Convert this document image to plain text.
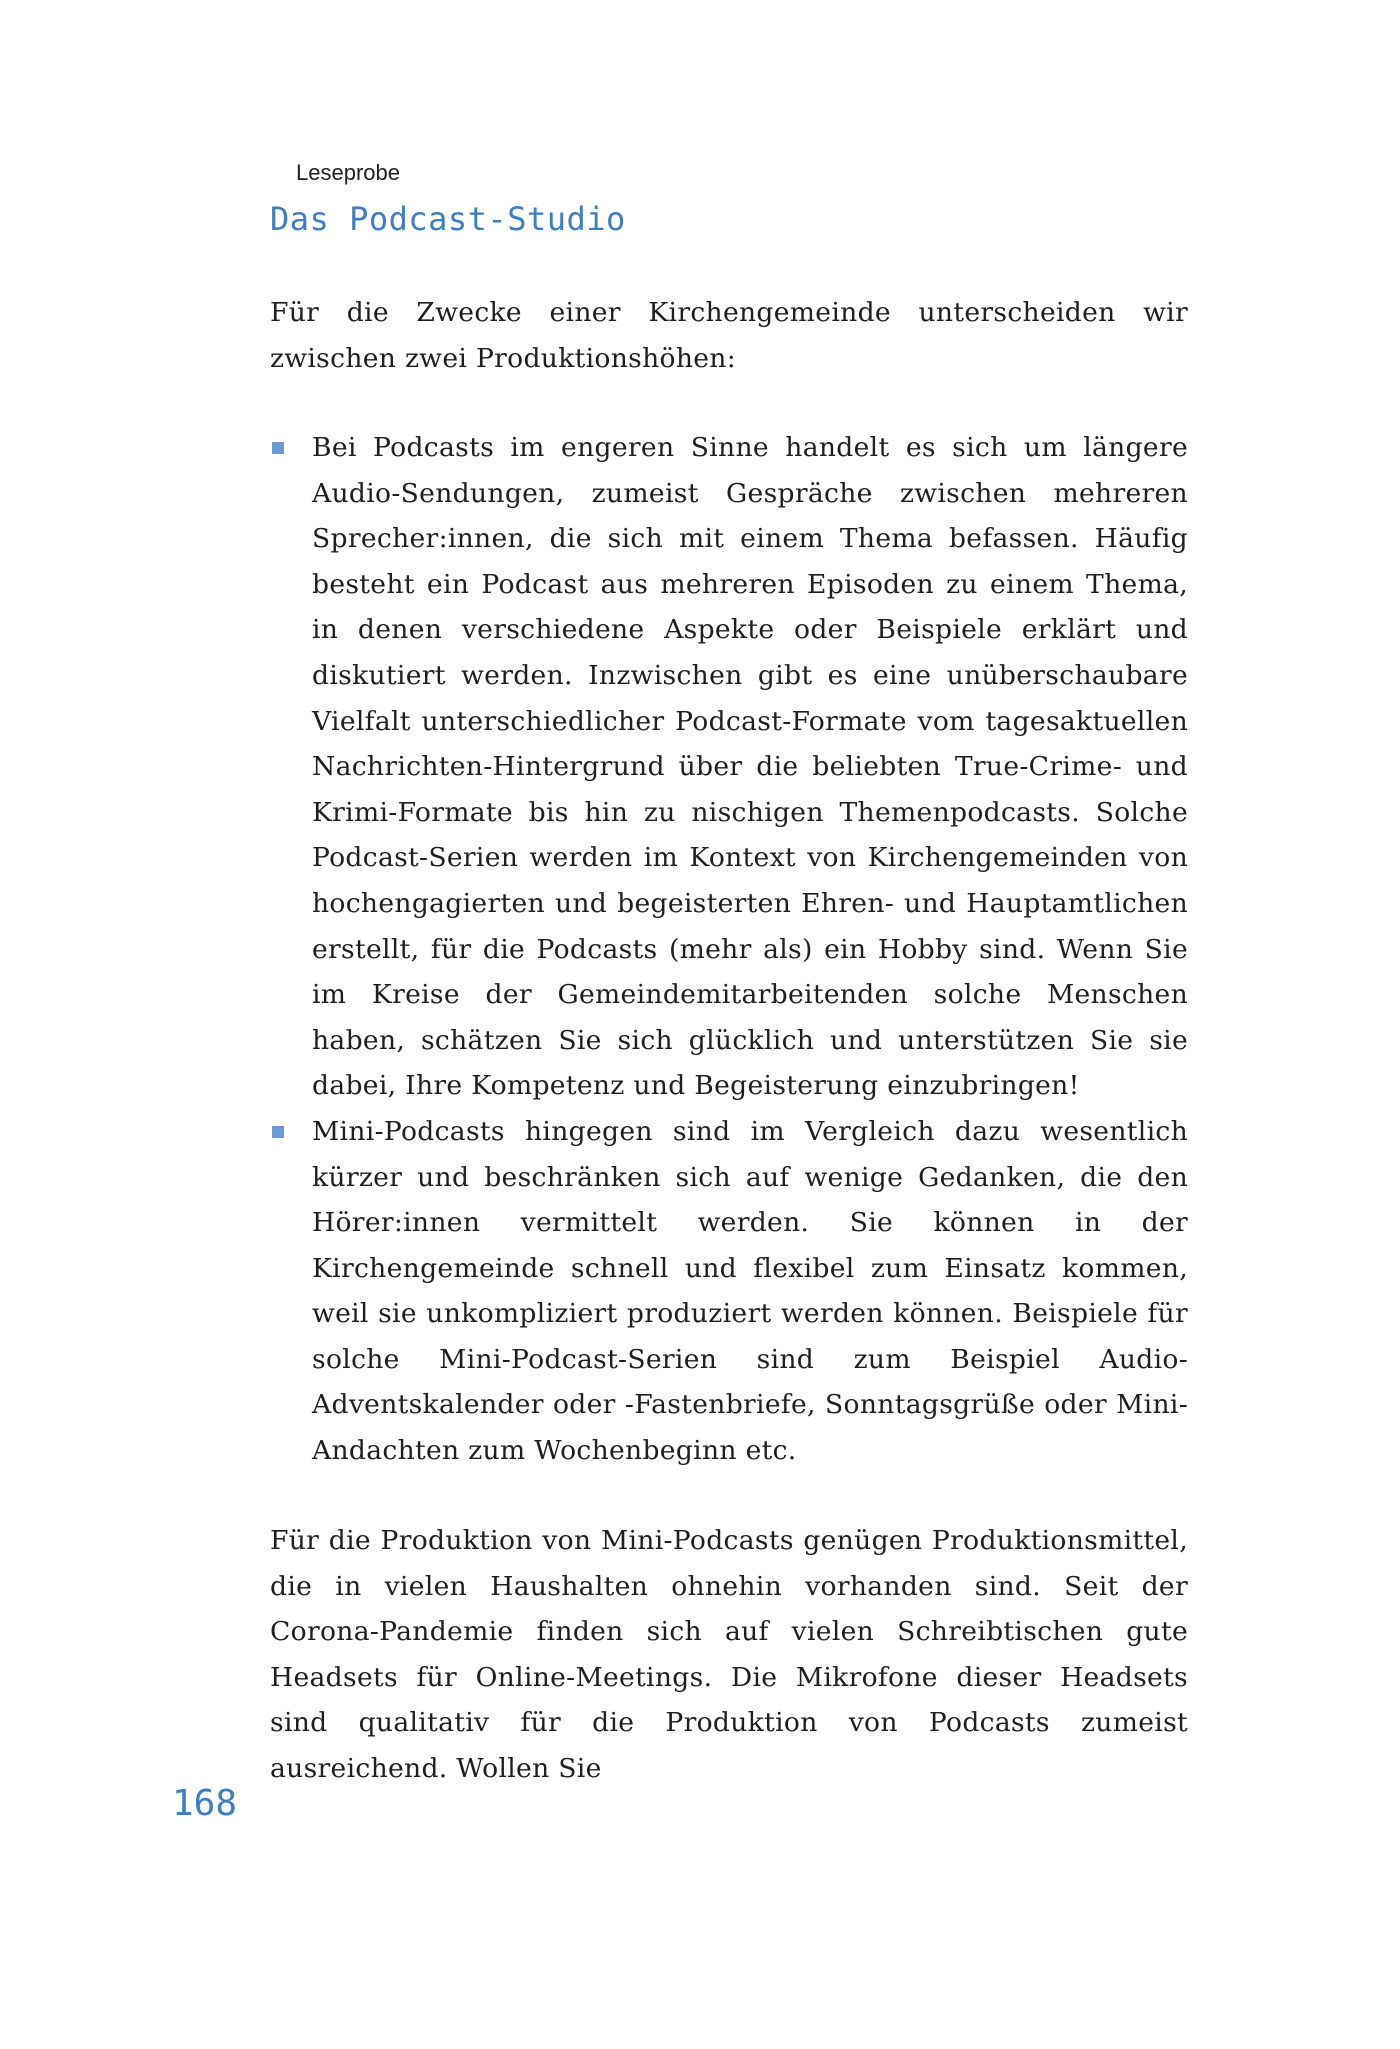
Leseprobe
Das Podcast-Studio

Für die Zwecke einer Kirchengemeinde unterscheiden wir zwischen zwei Produktionshöhen:

Bei Podcasts im engeren Sinne handelt es sich um längere Audio-Sendungen, zumeist Gespräche zwischen mehreren Sprecher:innen, die sich mit einem Thema befassen. Häufig besteht ein Podcast aus mehreren Episoden zu einem Thema, in denen verschiedene Aspekte oder Beispiele erklärt und diskutiert werden. Inzwischen gibt es eine unüberschaubare Vielfalt unterschiedlicher Podcast-Formate vom tagesaktuellen Nachrichten-Hintergrund über die beliebten True-Crime- und Krimi-Formate bis hin zu nischigen Themenpodcasts. Solche Podcast-Serien werden im Kontext von Kirchengemeinden von hochengagierten und begeisterten Ehren- und Hauptamtlichen erstellt, für die Podcasts (mehr als) ein Hobby sind. Wenn Sie im Kreise der Gemeindemitarbeitenden solche Menschen haben, schätzen Sie sich glücklich und unterstützen Sie sie dabei, Ihre Kompetenz und Begeisterung einzubringen!
Mini-Podcasts hingegen sind im Vergleich dazu wesentlich kürzer und beschränken sich auf wenige Gedanken, die den Hörer:innen vermittelt werden. Sie können in der Kirchengemeinde schnell und flexibel zum Einsatz kommen, weil sie unkompliziert produziert werden können. Beispiele für solche Mini-Podcast-Serien sind zum Beispiel Audio-Adventskalender oder -Fastenbriefe, Sonntagsgrüße oder Mini-Andachten zum Wochenbeginn etc.

Für die Produktion von Mini-Podcasts genügen Produktionsmittel, die in vielen Haushalten ohnehin vorhanden sind. Seit der Corona-Pandemie finden sich auf vielen Schreibtischen gute Headsets für Online-Meetings. Die Mikrofone dieser Headsets sind qualitativ für die Produktion von Podcasts zumeist ausreichend. Wollen Sie

168
